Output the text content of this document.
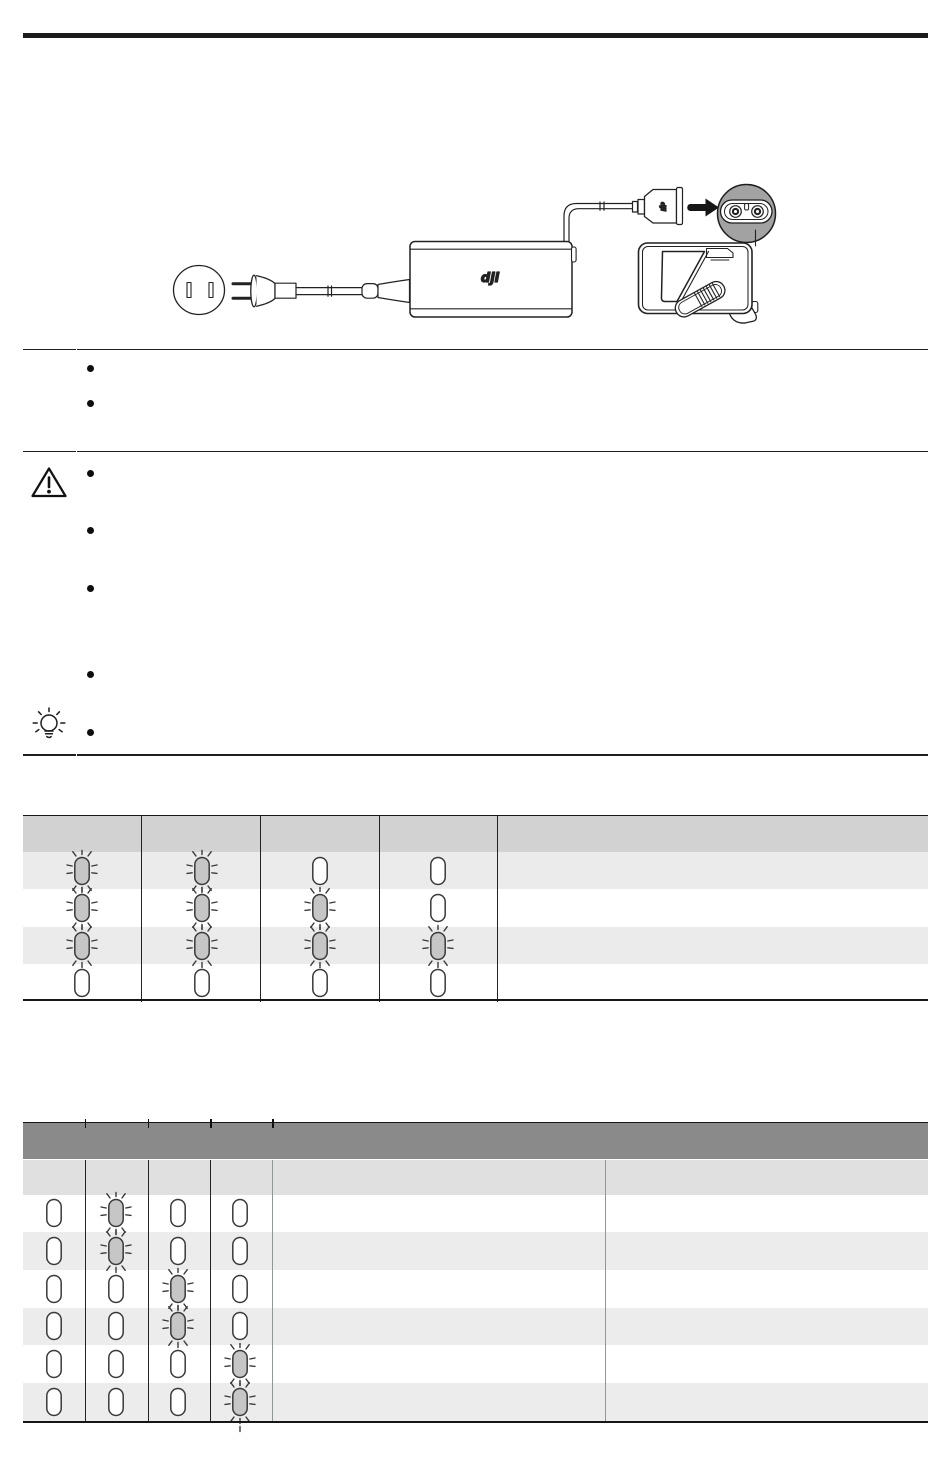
dji
dji
